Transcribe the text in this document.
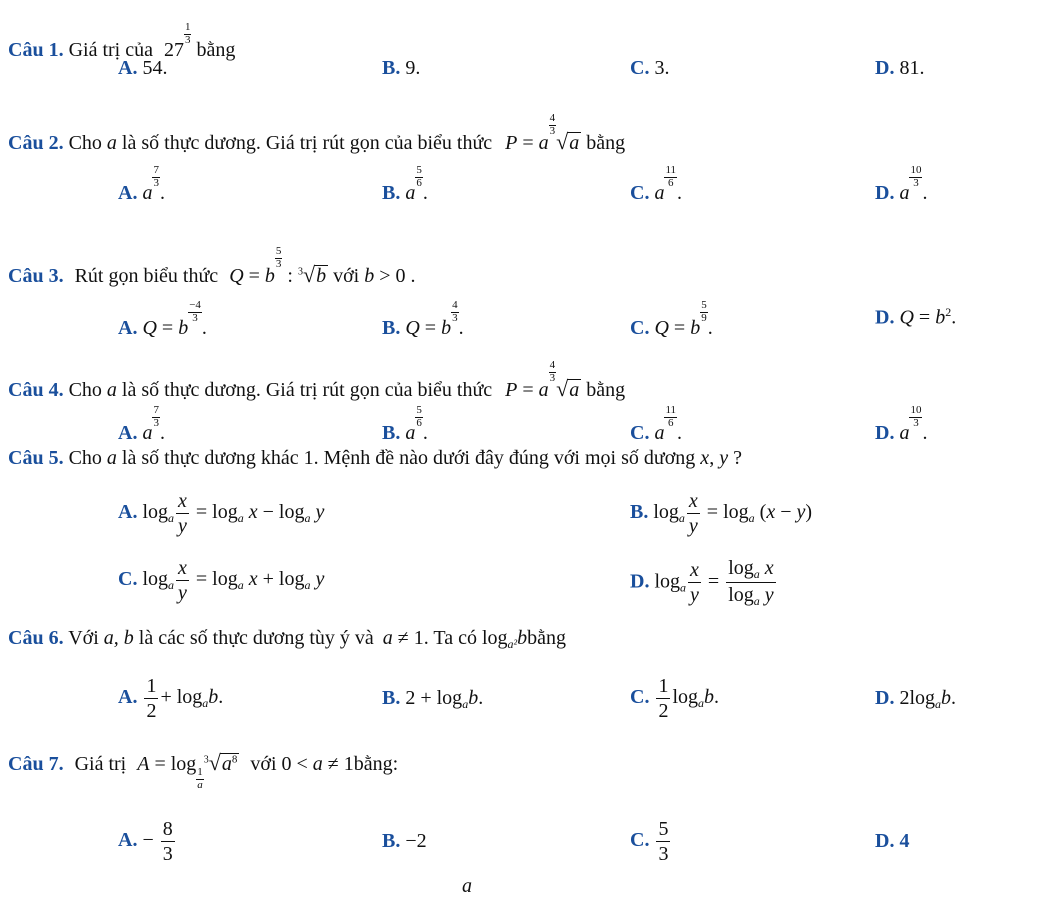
Câu 1. Giá trị của 27
$^{\frac{1}{3}}$
bằng
A. 54.	B. 9.	C. 3.	D. 81.
Câu 2. Cho a là số thực dương. Giá trị rút gọn của biểu thức P = a
$^{\frac{4}{3}}$
√a bằng
A. a
$^{\frac{7}{3}}$
.	B. a
$^{\frac{5}{6}}$
.	C. a
$^{\frac{11}{6}}$
.	D. a
$^{\frac{10}{3}}$
.
Câu 3. Rút gọn biểu thức Q = b
$^{\frac{5}{3}}$
: $^3$√b với b > 0 .
A. Q = b
$^{\frac{-4}{3}}$
.	B. Q = b
$^{\frac{4}{3}}$
.	C. Q = b
$^{\frac{5}{9}}$
.	D. $Q = b^2$.
Câu 4. Cho a là số thực dương. Giá trị rút gọn của biểu thức P = a
$^{\frac{4}{3}}$
√a bằng
A. a
$^{\frac{7}{3}}$
.	B. a
$^{\frac{5}{6}}$
.	C. a
$^{\frac{11}{6}}$
.	D. a
$^{\frac{10}{3}}$
.
Câu 5. Cho a là số thực dương khác 1. Mệnh đề nào dưới đây đúng với mọi số dương x, y ?
A. $\log_a \frac{x}{y} = \log_a x - \log_a y$	B. $\log_a \frac{x}{y} = \log_a (x - y)$
C. $\log_a \frac{x}{y} = \log_a x + \log_a y$	D. $\log_a \frac{x}{y} = \frac{\log_a x}{\log_a y}$
Câu 6. Với a, b là các số thực dương tùy ý và a ≠ 1. Ta có $\log_{a^2}bbằng$
A. $\frac{1}{2} + \log_ab$.	B. $2 + \log_ab$.	C. $\frac{1}{2} \log_ab$.	D. $2\log_ab$.
Câu 7. Giá trị A = log
$_{\frac{1}{a}}$
$^3√a^8$ với 0 < a ≠ 1bằng:
A. − $\frac{8}{3}$	B. −2	C. $\frac{5}{3}$	D. 4
a
